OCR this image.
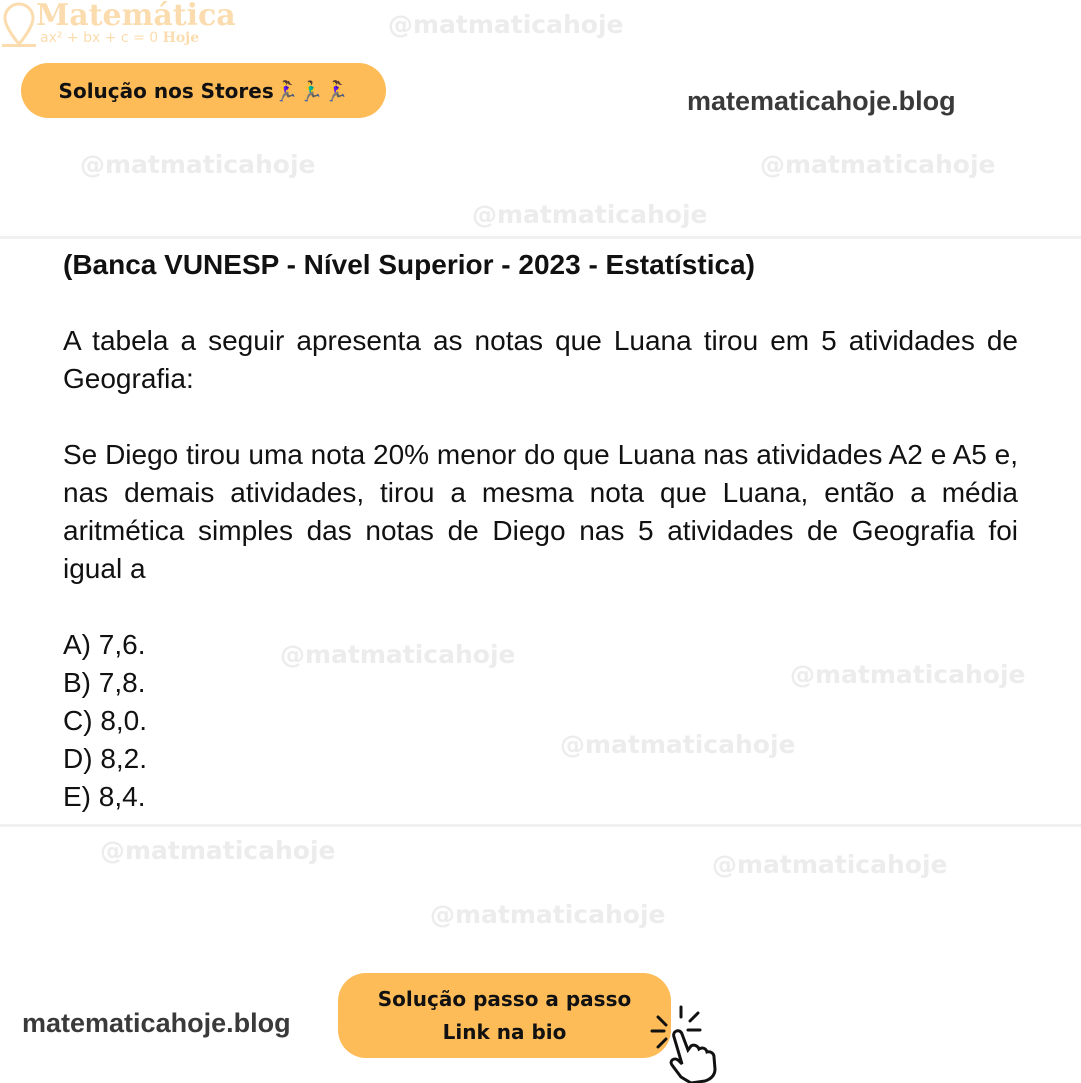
@matmaticahoje
@matmaticahoje
@matmaticahoje	@matmaticahoje
@matmaticahoje
@matmaticahoje
@matmaticahoje
@matmaticahoje
@matmaticahoje	@matmaticahoje
Matemática
ax² + bx + c = 0 Hoje
Solução nos Stores🏃‍♀️🏃‍♂️🏃‍♀️	matematicahoje.blog

(Banca VUNESP - Nível Superior - 2023 - Estatística)

A tabela a seguir apresenta as notas que Luana tirou em 5 atividades de Geografia:

Se Diego tirou uma nota 20% menor do que Luana nas atividades A2 e A5 e, nas demais atividades, tirou a mesma nota que Luana, então a média aritmética simples das notas de Diego nas 5 atividades de Geografia foi igual a

A) 7,6.

B) 7,8.

C) 8,0.

D) 8,2.

E) 8,4.

matematicahoje.blog
Solução passo a passo
Link na bio
